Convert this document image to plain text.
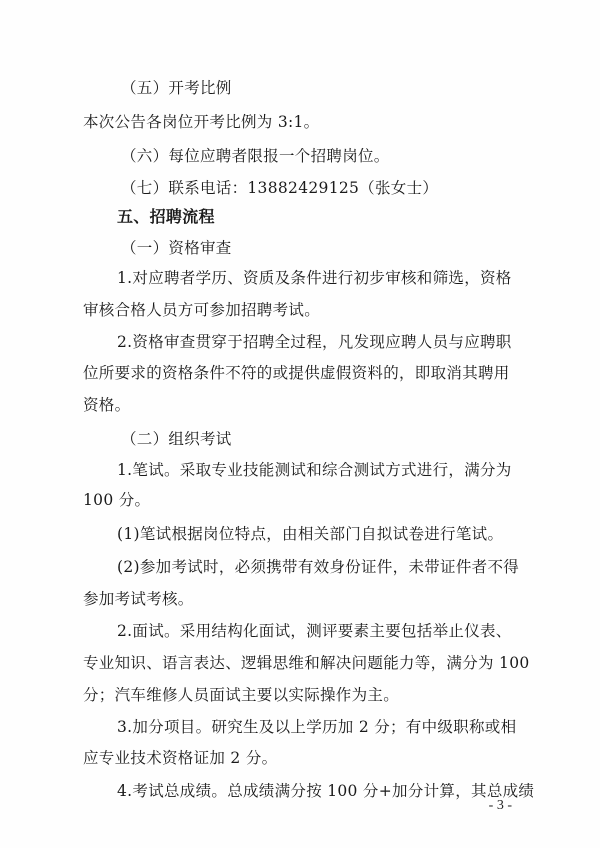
（五）开考比例
本次公告各岗位开考比例为 3:1。
（六）每位应聘者限报一个招聘岗位。
（七）联系电话：13882429125（张女士）
五、招聘流程
（一）资格审查
1.对应聘者学历、资质及条件进行初步审核和筛选，资格
审核合格人员方可参加招聘考试。
2.资格审查贯穿于招聘全过程，凡发现应聘人员与应聘职
位所要求的资格条件不符的或提供虚假资料的，即取消其聘用
资格。
（二）组织考试
1.笔试。采取专业技能测试和综合测试方式进行，满分为
100 分。
(1)笔试根据岗位特点，由相关部门自拟试卷进行笔试。
(2)参加考试时，必须携带有效身份证件，未带证件者不得
参加考试考核。
2.面试。采用结构化面试，测评要素主要包括举止仪表、
专业知识、语言表达、逻辑思维和解决问题能力等，满分为 100
分；汽车维修人员面试主要以实际操作为主。
3.加分项目。研究生及以上学历加 2 分；有中级职称或相
应专业技术资格证加 2 分。
4.考试总成绩。总成绩满分按 100 分+加分计算，其总成绩
- 3 -
